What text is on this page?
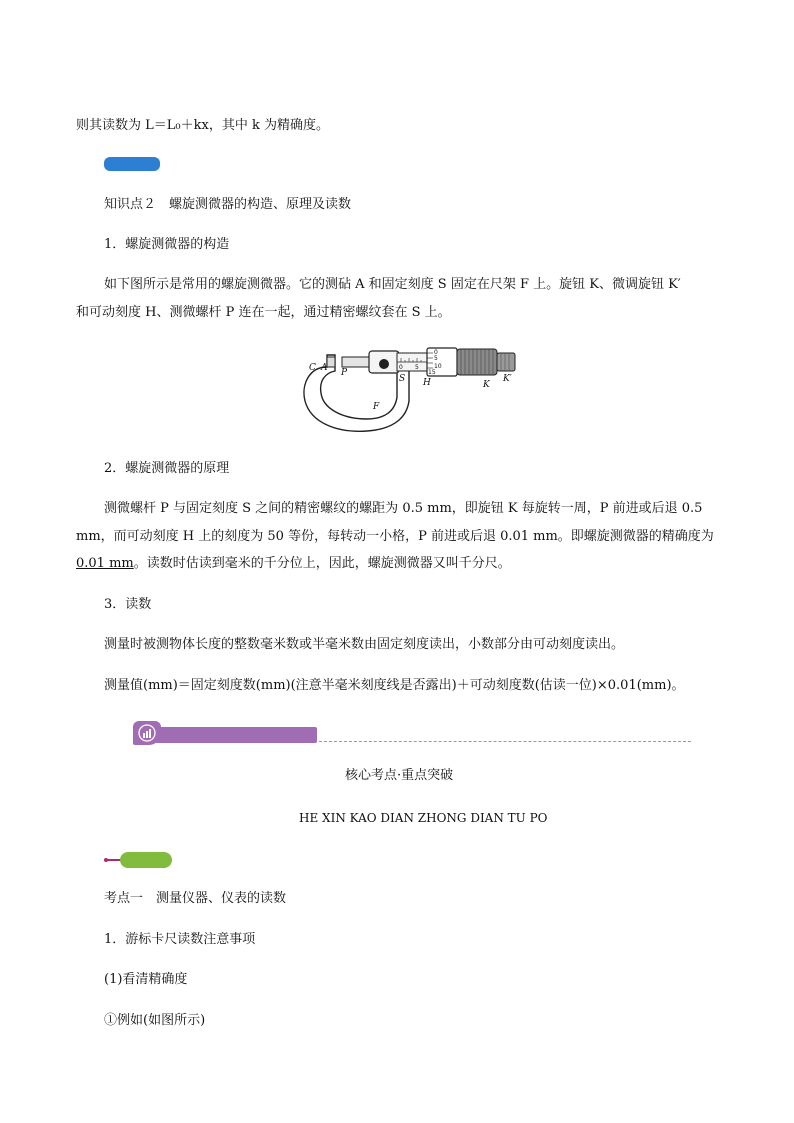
则其读数为 L＝L₀＋kx，其中 k 为精确度。
知识点２　螺旋测微器的构造、原理及读数
1．螺旋测微器的构造
如下图所示是常用的螺旋测微器。它的测砧 A 和固定刻度 S 固定在尺架 F 上。旋钮 K、微调旋钮 K′
和可动刻度 H、测微螺杆 P 连在一起，通过精密螺纹套在 S 上。
C A P
S H	K
K′
F
0 5
15
10
5
0
2．螺旋测微器的原理
测微螺杆 P 与固定刻度 S 之间的精密螺纹的螺距为 0.5 mm，即旋钮 K 每旋转一周，P 前进或后退 0.5
mm，而可动刻度 H 上的刻度为 50 等份，每转动一小格，P 前进或后退 0.01 mm。即螺旋测微器的精确度为
0.01 mm。读数时估读到毫米的千分位上，因此，螺旋测微器又叫千分尺。
3．读数
测量时被测物体长度的整数毫米数或半毫米数由固定刻度读出，小数部分由可动刻度读出。
测量值(mm)＝固定刻度数(mm)(注意半毫米刻度线是否露出)＋可动刻度数(估读一位)×0.01(mm)。
核心考点·重点突破
HE XIN KAO DIAN ZHONG DIAN TU PO
考点一　测量仪器、仪表的读数
1．游标卡尺读数注意事项
(1)看清精确度
①例如(如图所示)
